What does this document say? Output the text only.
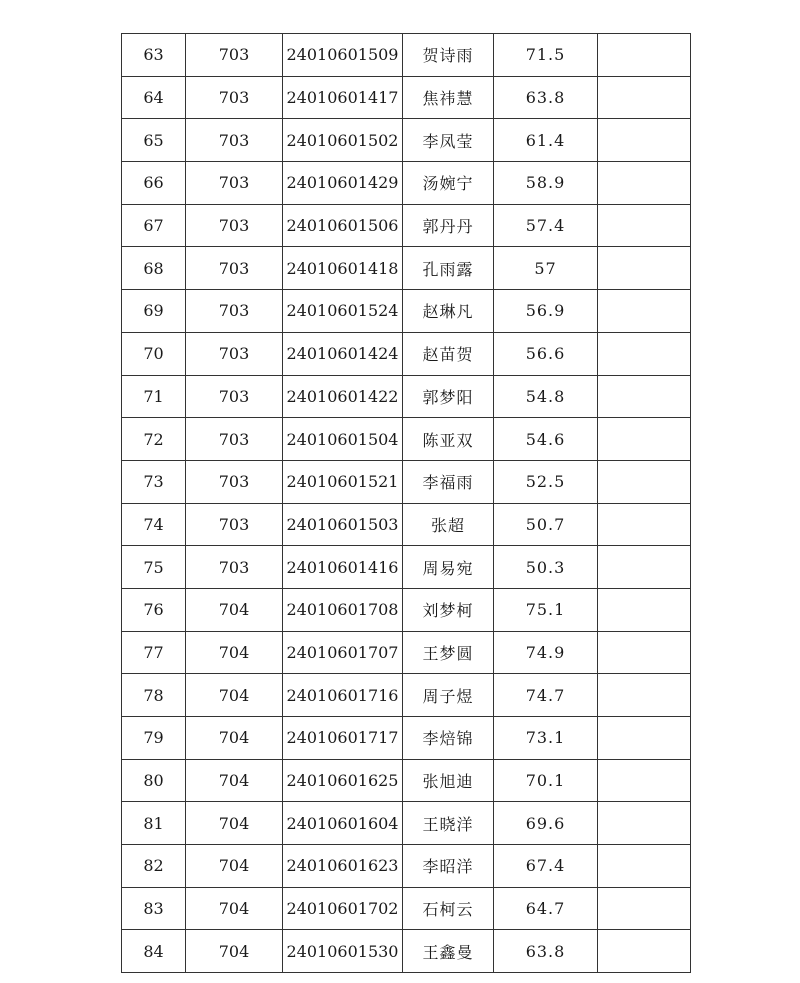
63	703	24010601509	贺诗雨	71.5	
64	703	24010601417	焦祎慧	63.8	
65	703	24010601502	李凤莹	61.4	
66	703	24010601429	汤婉宁	58.9	
67	703	24010601506	郭丹丹	57.4	
68	703	24010601418	孔雨露	57	
69	703	24010601524	赵琳凡	56.9	
70	703	24010601424	赵苗贺	56.6	
71	703	24010601422	郭梦阳	54.8	
72	703	24010601504	陈亚双	54.6	
73	703	24010601521	李福雨	52.5	
74	703	24010601503	张超	50.7	
75	703	24010601416	周易宛	50.3	
76	704	24010601708	刘梦柯	75.1	
77	704	24010601707	王梦圆	74.9	
78	704	24010601716	周子煜	74.7	
79	704	24010601717	李焙锦	73.1	
80	704	24010601625	张旭迪	70.1	
81	704	24010601604	王晓洋	69.6	
82	704	24010601623	李昭洋	67.4	
83	704	24010601702	石柯云	64.7	
84	704	24010601530	王鑫曼	63.8	
